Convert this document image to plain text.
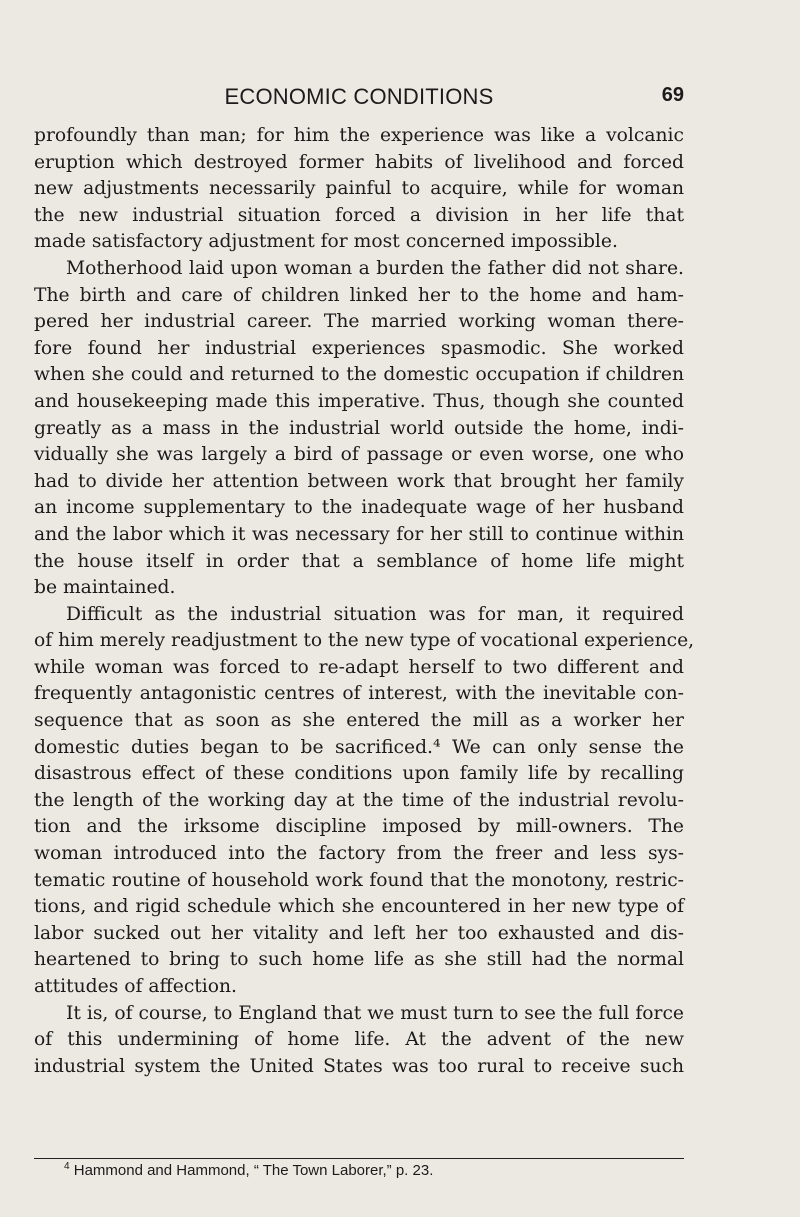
ECONOMIC CONDITIONS	69
profoundly than man; for him the experience was like a volcanic
eruption which destroyed former habits of livelihood and forced
new adjustments necessarily painful to acquire, while for woman
the new industrial situation forced a division in her life that
made satisfactory adjustment for most concerned impossible.
Motherhood laid upon woman a burden the father did not share.
The birth and care of children linked her to the home and ham-
pered her industrial career. The married working woman there-
fore found her industrial experiences spasmodic. She worked
when she could and returned to the domestic occupation if children
and housekeeping made this imperative. Thus, though she counted
greatly as a mass in the industrial world outside the home, indi-
vidually she was largely a bird of passage or even worse, one who
had to divide her attention between work that brought her family
an income supplementary to the inadequate wage of her husband
and the labor which it was necessary for her still to continue within
the house itself in order that a semblance of home life might
be maintained.
Difficult as the industrial situation was for man, it required
of him merely readjustment to the new type of vocational experience,
while woman was forced to re-adapt herself to two different and
frequently antagonistic centres of interest, with the inevitable con-
sequence that as soon as she entered the mill as a worker her
domestic duties began to be sacrificed.⁴ We can only sense the
disastrous effect of these conditions upon family life by recalling
the length of the working day at the time of the industrial revolu-
tion and the irksome discipline imposed by mill-owners. The
woman introduced into the factory from the freer and less sys-
tematic routine of household work found that the monotony, restric-
tions, and rigid schedule which she encountered in her new type of
labor sucked out her vitality and left her too exhausted and dis-
heartened to bring to such home life as she still had the normal
attitudes of affection.
It is, of course, to England that we must turn to see the full force
of this undermining of home life. At the advent of the new
industrial system the United States was too rural to receive such
$^4$ Hammond and Hammond, “ The Town Laborer,” p. 23.
